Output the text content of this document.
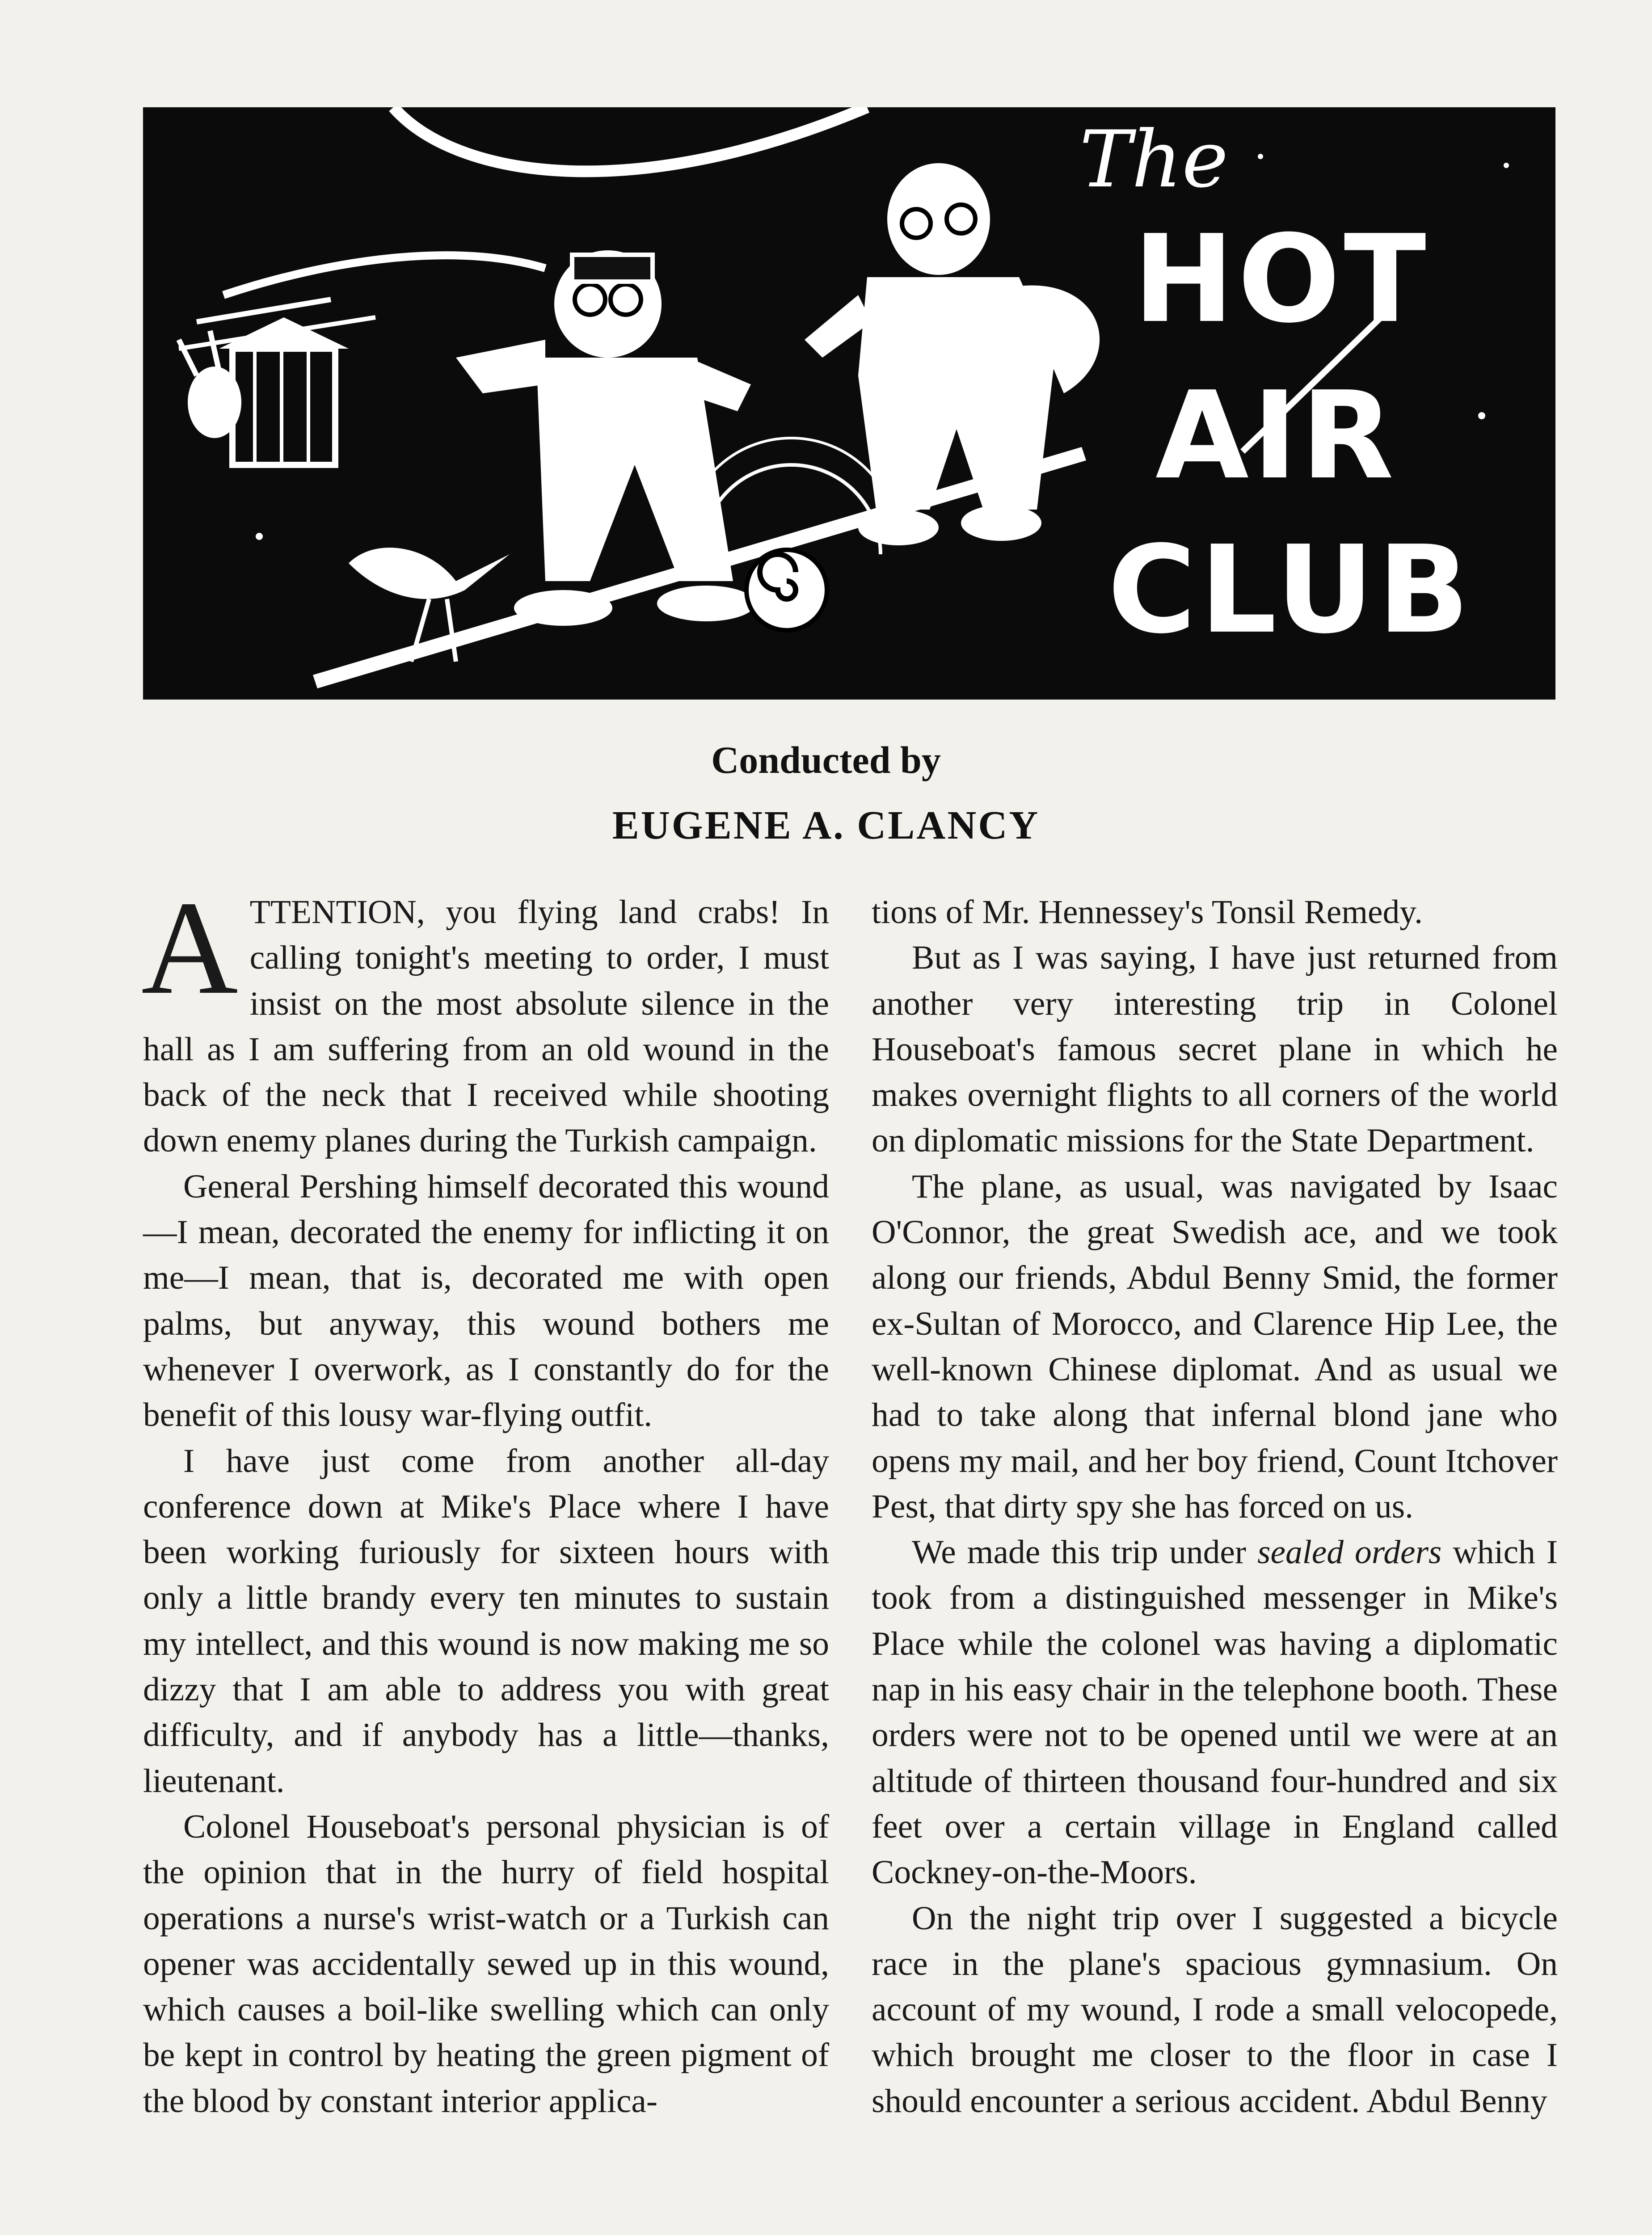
The
HOT
AIR
CLUB
Conducted by
EUGENE A. CLANCY

ATTENTION, you flying land crabs! In calling tonight's meeting to order, I must insist on the most absolute silence in the hall as I am suffering from an old wound in the back of the neck that I received while shooting down enemy planes during the Turkish campaign.

General Pershing himself decorated this wound—I mean, decorated the enemy for inflicting it on me—I mean, that is, decorated me with open palms, but anyway, this wound bothers me whenever I overwork, as I constantly do for the benefit of this lousy war-flying outfit.

I have just come from another all-day conference down at Mike's Place where I have been working furiously for sixteen hours with only a little brandy every ten minutes to sustain my intellect, and this wound is now making me so dizzy that I am able to address you with great difficulty, and if anybody has a little—thanks, lieutenant.

Colonel Houseboat's personal physician is of the opinion that in the hurry of field hospital operations a nurse's wrist-watch or a Turkish can opener was accidentally sewed up in this wound, which causes a boil-like swelling which can only be kept in control by heating the green pigment of the blood by constant interior applica-

tions of Mr. Hennessey's Tonsil Remedy.

But as I was saying, I have just returned from another very interesting trip in Colonel Houseboat's famous secret plane in which he makes overnight flights to all corners of the world on diplomatic missions for the State Department.

The plane, as usual, was navigated by Isaac O'Connor, the great Swedish ace, and we took along our friends, Abdul Benny Smid, the former ex-Sultan of Morocco, and Clarence Hip Lee, the well-known Chinese diplomat. And as usual we had to take along that infernal blond jane who opens my mail, and her boy friend, Count Itchover Pest, that dirty spy she has forced on us.

We made this trip under sealed orders which I took from a distinguished messenger in Mike's Place while the colonel was having a diplomatic nap in his easy chair in the telephone booth. These orders were not to be opened until we were at an altitude of thirteen thousand four-hundred and six feet over a certain village in England called Cockney-on-the-Moors.

On the night trip over I suggested a bicycle race in the plane's spacious gymnasium. On account of my wound, I rode a small velocopede, which brought me closer to the floor in case I should encounter a serious accident. Abdul Benny
